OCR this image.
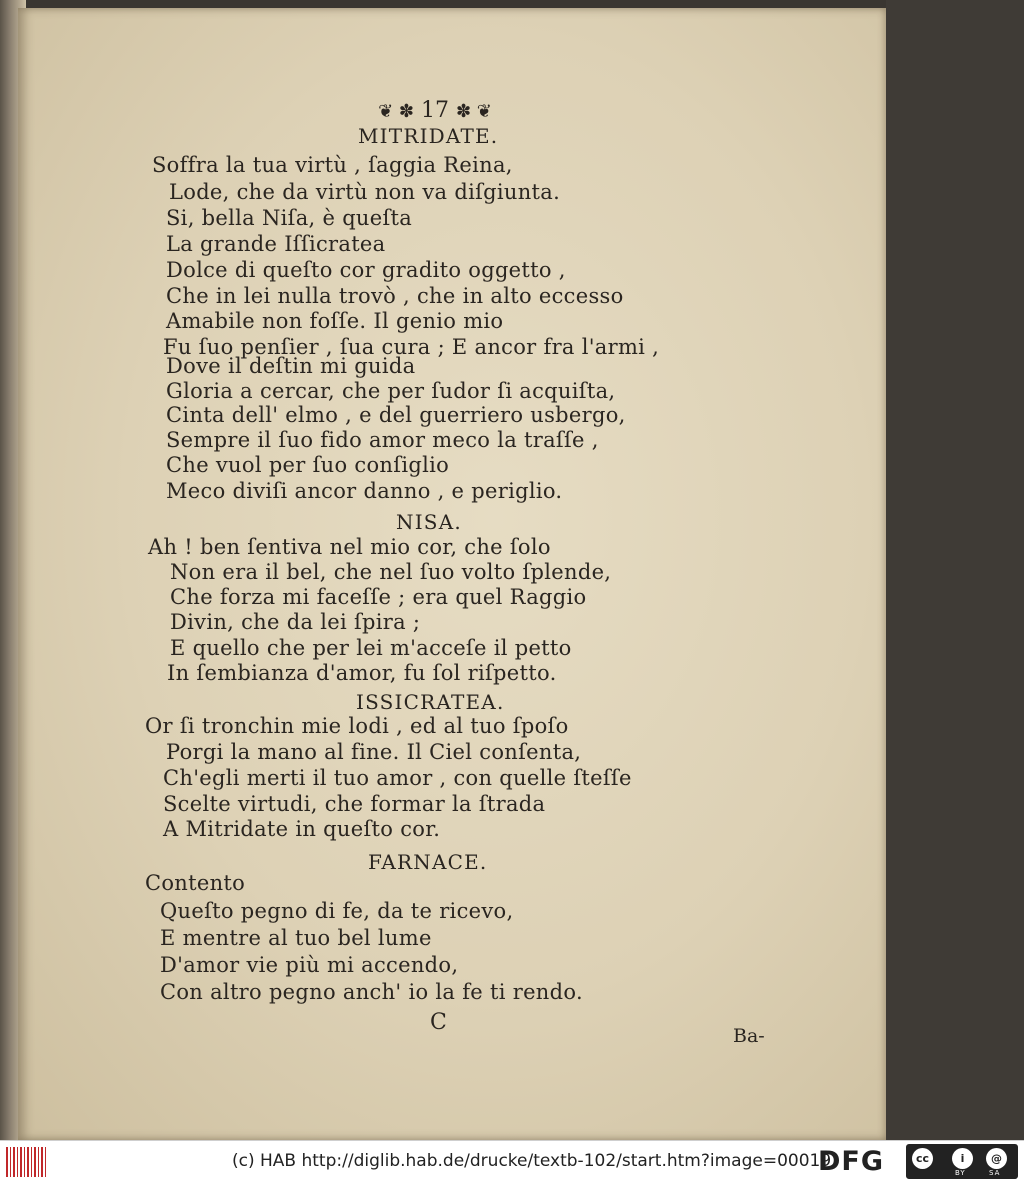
❦ ✽ 17 ✽ ❦
MITRIDATE.
Soffra la tua virtù , ſaggia Reina,
Lode, che da virtù non va diſgiunta.
Si, bella Niſa, è queſta
La grande Iſſicratea
Dolce di queſto cor gradito oggetto ,
Che in lei nulla trovò , che in alto eccesso
Amabile non foſſe. Il genio mio
Fu ſuo penſier , ſua cura ; E ancor fra l'armi ,
Dove il deſtin mi guida
Gloria a cercar, che per ſudor ſi acquiſta,
Cinta dell' elmo , e del guerriero usbergo,
Sempre il ſuo fido amor meco la traſſe ,
Che vuol per ſuo conſiglio
Meco diviſi ancor danno , e periglio.
NISA.
Ah ! ben ſentiva nel mio cor, che ſolo
Non era il bel, che nel ſuo volto ſplende,
Che forza mi faceſſe ; era quel Raggio
Divin, che da lei ſpira ;
E quello che per lei m'acceſe il petto
In ſembianza d'amor, fu ſol riſpetto.
ISSICRATEA.
Or ſi tronchin mie lodi , ed al tuo ſpoſo
Porgi la mano al fine. Il Ciel conſenta,
Ch'egli merti il tuo amor , con quelle ſteſſe
Scelte virtudi, che formar la ſtrada
A Mitridate in queſto cor.
FARNACE.
Contento
Queſto pegno di fe, da te ricevo,
E mentre al tuo bel lume
D'amor vie più mi accendo,
Con altro pegno anch' io la fe ti rendo.
C
Ba-
(c) HAB http://diglib.hab.de/drucke/textb-102/start.htm?image=00019
DFG	cc	i	@
BY	SA
